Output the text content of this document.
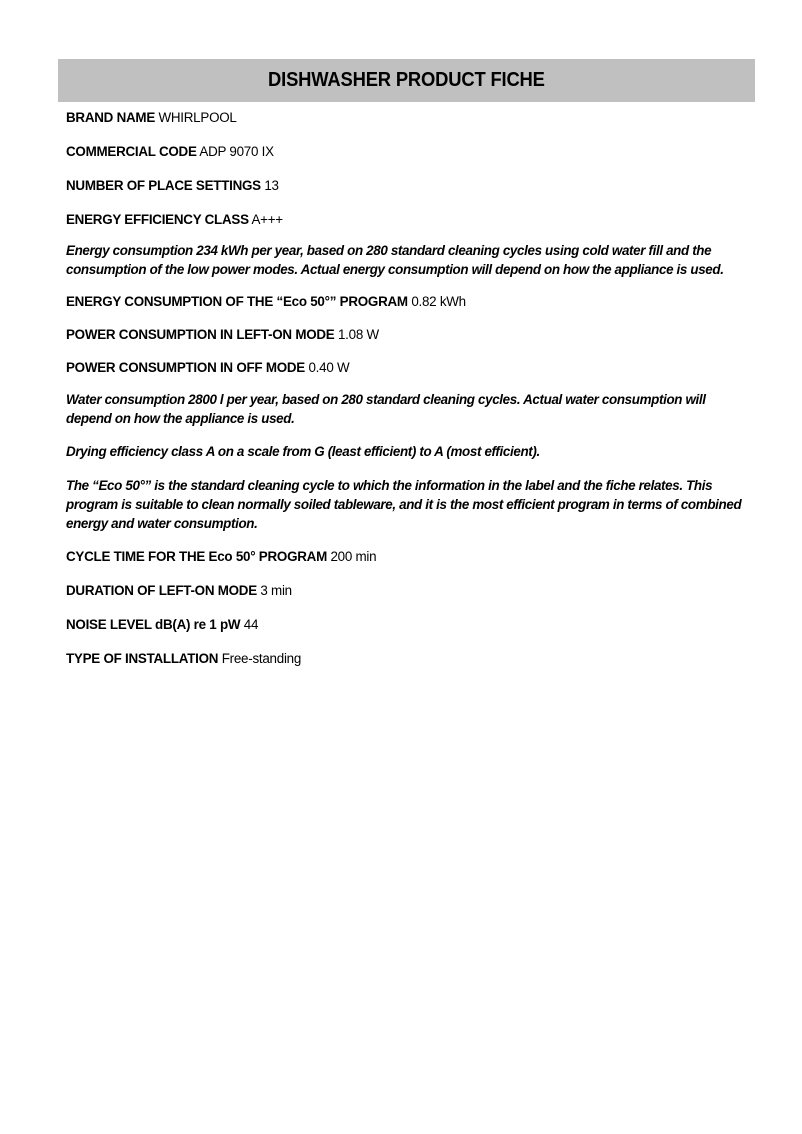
DISHWASHER PRODUCT FICHE
BRAND NAME WHIRLPOOL
COMMERCIAL CODE ADP 9070 IX
NUMBER OF PLACE SETTINGS 13
ENERGY EFFICIENCY CLASS A+++
Energy consumption 234 kWh per year, based on 280 standard cleaning cycles using cold water fill and the consumption of the low power modes. Actual energy consumption will depend on how the appliance is used.
ENERGY CONSUMPTION OF THE “Eco 50°” PROGRAM 0.82 kWh
POWER CONSUMPTION IN LEFT-ON MODE 1.08 W
POWER CONSUMPTION IN OFF MODE 0.40 W
Water consumption 2800 l per year, based on 280 standard cleaning cycles. Actual water consumption will depend on how the appliance is used.
Drying efficiency class A on a scale from G (least efficient) to A (most efficient).
The “Eco 50°” is the standard cleaning cycle to which the information in the label and the fiche relates. This program is suitable to clean normally soiled tableware, and it is the most efficient program in terms of combined energy and water consumption.
CYCLE TIME FOR THE Eco 50° PROGRAM 200 min
DURATION OF LEFT-ON MODE 3 min
NOISE LEVEL dB(A) re 1 pW 44
TYPE OF INSTALLATION Free-standing
